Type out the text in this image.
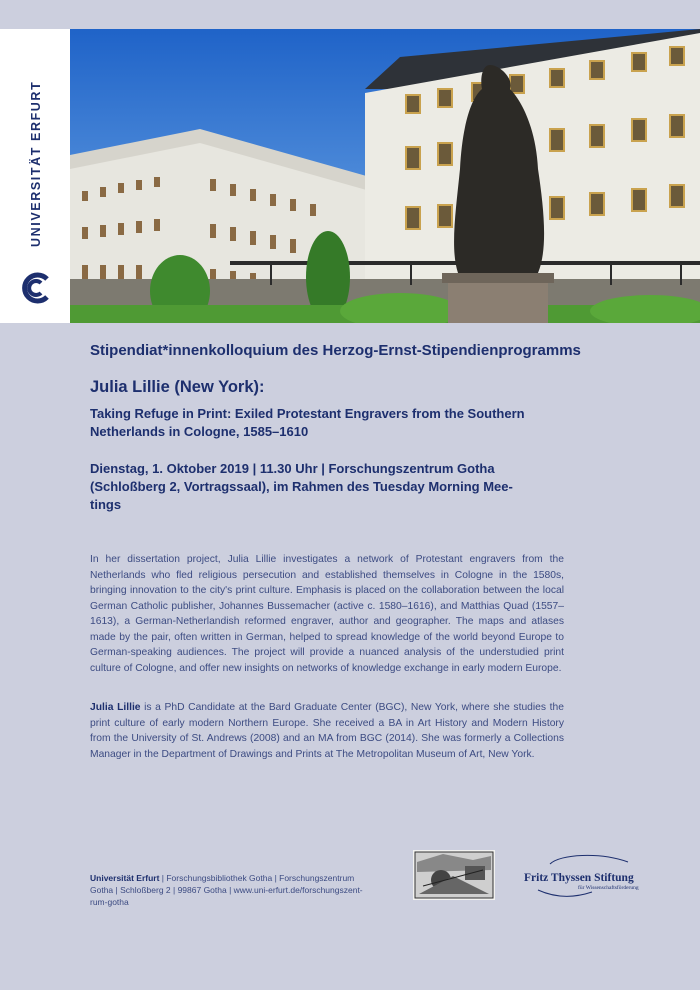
UNIVERSITÄT ERFURT
Stipendiat*innenkolloquium des Herzog-Ernst-Stipendienprogramms
Julia Lillie (New York):
Taking Refuge in Print: Exiled Protestant Engravers from the Southern
Netherlands in Cologne, 1585–1610
Dienstag, 1. Oktober 2019 | 11.30 Uhr | Forschungszentrum Gotha
(Schloßberg 2, Vortragssaal), im Rahmen des Tuesday Morning Mee-
tings
In her dissertation project, Julia Lillie investigates a network of Protestant engravers from the Netherlands who fled religious persecution and established themselves in Cologne in the 1580s, bringing innovation to the city's print culture. Emphasis is placed on the collaboration between the local German Catholic publisher, Johannes Bussemacher (active c. 1580–1616), and Matthias Quad (1557–1613), a German-Netherlandish reformed engraver, author and geographer. The maps and atlases made by the pair, often written in German, helped to spread knowledge of the world beyond Europe to German-speaking audiences. The project will provide a nuanced analysis of the understudied print culture of Cologne, and offer new insights on networks of knowledge exchange in early modern Europe.
Julia Lillie is a PhD Candidate at the Bard Graduate Center (BGC), New York, where she studies the print culture of early modern Northern Europe. She received a BA in Art History and Modern History from the University of St. Andrews (2008) and an MA from BGC (2014). She was formerly a Collections Manager in the Department of Drawings and Prints at The Metropolitan Museum of Art, New York.
Universität Erfurt | Forschungsbibliothek Gotha | Forschungszentrum
Gotha | Schloßberg 2 | 99867 Gotha | www.uni-erfurt.de/forschungszent-
rum-gotha
Fritz Thyssen Stiftung
für Wissenschaftsförderung
